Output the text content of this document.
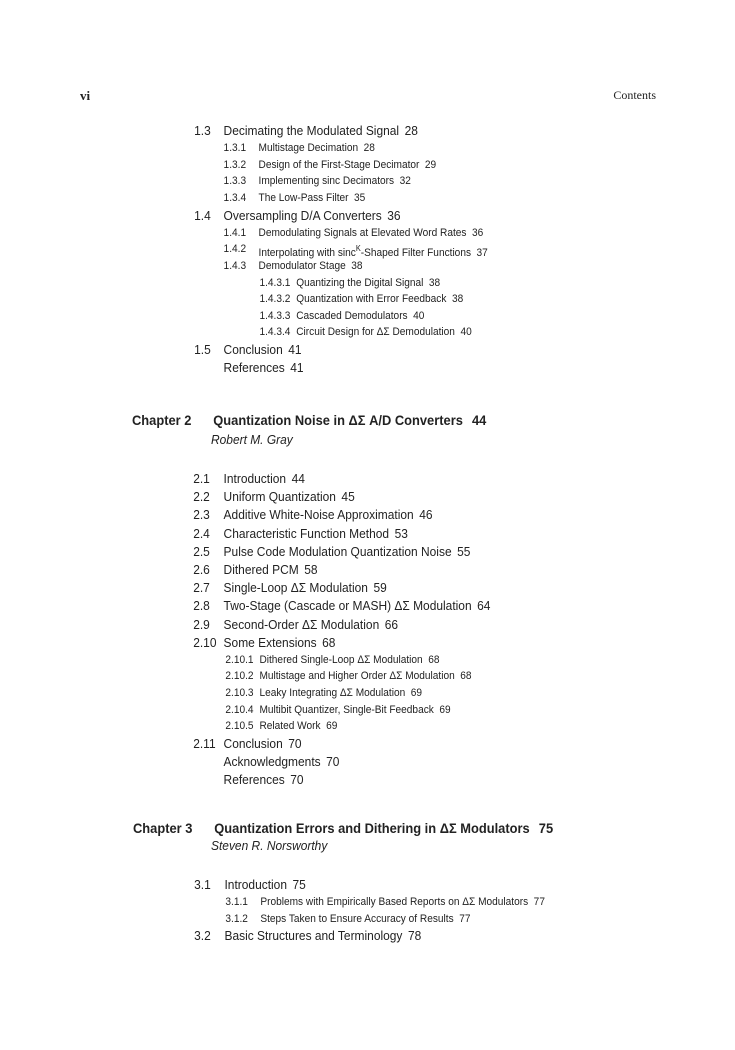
vi	Contents
1.3 Decimating the Modulated Signal 28
1.3.1 Multistage Decimation 28
1.3.2 Design of the First-Stage Decimator 29
1.3.3 Implementing sinc Decimators 32
1.3.4 The Low-Pass Filter 35
1.4 Oversampling D/A Converters 36
1.4.1 Demodulating Signals at Elevated Word Rates 36
1.4.2 Interpolating with sinc$^K$-Shaped Filter Functions 37
1.4.3 Demodulator Stage 38
1.4.3.1 Quantizing the Digital Signal 38
1.4.3.2 Quantization with Error Feedback 38
1.4.3.3 Cascaded Demodulators 40
1.4.3.4 Circuit Design for ΔΣ Demodulation 40
1.5 Conclusion 41
References 41
Chapter 2 Quantization Noise in ΔΣ A/D Converters 44
Robert M. Gray
2.1 Introduction 44
2.2 Uniform Quantization 45
2.3 Additive White-Noise Approximation 46
2.4 Characteristic Function Method 53
2.5 Pulse Code Modulation Quantization Noise 55
2.6 Dithered PCM 58
2.7 Single-Loop ΔΣ Modulation 59
2.8 Two-Stage (Cascade or MASH) ΔΣ Modulation 64
2.9 Second-Order ΔΣ Modulation 66
2.10 Some Extensions 68
2.10.1 Dithered Single-Loop ΔΣ Modulation 68
2.10.2 Multistage and Higher Order ΔΣ Modulation 68
2.10.3 Leaky Integrating ΔΣ Modulation 69
2.10.4 Multibit Quantizer, Single-Bit Feedback 69
2.10.5 Related Work 69
2.11 Conclusion 70
Acknowledgments 70
References 70
Chapter 3 Quantization Errors and Dithering in ΔΣ Modulators 75
Steven R. Norsworthy
3.1 Introduction 75
3.1.1 Problems with Empirically Based Reports on ΔΣ Modulators 77
3.1.2 Steps Taken to Ensure Accuracy of Results 77
3.2 Basic Structures and Terminology 78
